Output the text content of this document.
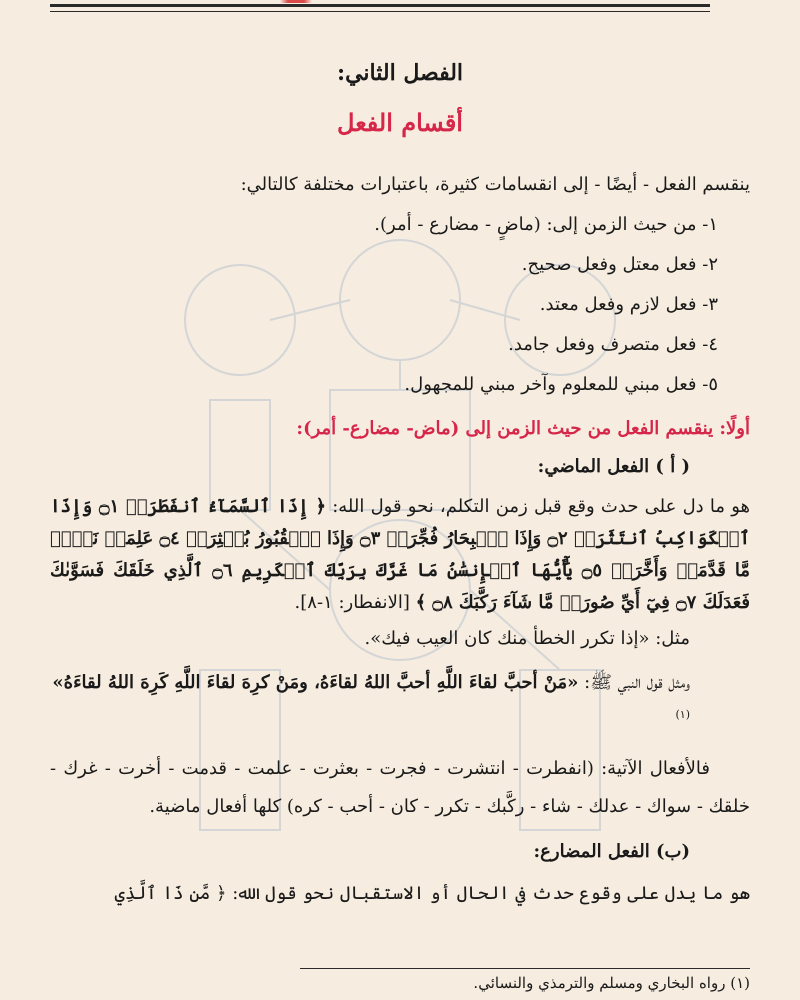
الفصل الثاني:

أقسام الفعل

ينقسم الفعل - أيضًا - إلى انقسامات كثيرة، باعتبارات مختلفة كالتالي:

١- من حيث الزمن إلى: (ماضٍ - مضارع - أمر).
٢- فعل معتل وفعل صحيح.
٣- فعل لازم وفعل معتد.
٤- فعل متصرف وفعل جامد.
٥- فعل مبني للمعلوم وآخر مبني للمجهول.

أولًا: ينقسم الفعل من حيث الزمن إلى (ماض- مضارع- أمر):

( أ ) الفعل الماضي:

هو ما دل على حدث وقع قبل زمن التكلم، نحو قول الله: ﴿ إِذَا ٱلسَّمَآءُ ٱنفَطَرَتۡ ۝١ وَإِذَا ٱلۡكَوَاكِبُ ٱنتَثَرَتۡ ۝٢ وَإِذَا ٱلۡبِحَارُ فُجِّرَتۡ ۝٣ وَإِذَا ٱلۡقُبُورُ بُعۡثِرَتۡ ۝٤ عَلِمَتۡ نَفۡسٞ مَّا قَدَّمَتۡ وَأَخَّرَتۡ ۝٥ يَٰٓأَيُّهَا ٱلۡإِنسَٰنُ مَا غَرَّكَ بِرَبِّكَ ٱلۡكَرِيمِ ۝٦ ٱلَّذِي خَلَقَكَ فَسَوَّىٰكَ فَعَدَلَكَ ۝٧ فِيٓ أَيِّ صُورَةٖ مَّا شَآءَ رَكَّبَكَ ۝٨ ﴾ [الانفطار: ١-٨].

مثل: «إذا تكرر الخطأ منك كان العيب فيك».

ومثل قول النبي ﷺ: «مَنْ أحبَّ لقاءَ اللَّهِ أحبَّ اللهُ لقاءَهُ، ومَنْ كرِهَ لقاءَ اللَّهِ كَرِهَ اللهُ لقاءَهُ» $^{(١)}$

فالأفعال الآتية: (انفطرت - انتشرت - فجرت - بعثرت - علمت - قدمت - أخرت - غرك - خلقك - سواك - عدلك - شاء - ركَّبك - تكرر - كان - أحب - كره) كلها أفعال ماضية.

(ب) الفعل المضارع:

هو ما يدل على وقوع حدث في الحال أو الاستقبال نحو قول الله: ﴿ مَّن ذَا ٱلَّذِي

(١) رواه البخاري ومسلم والترمذي والنسائي.
